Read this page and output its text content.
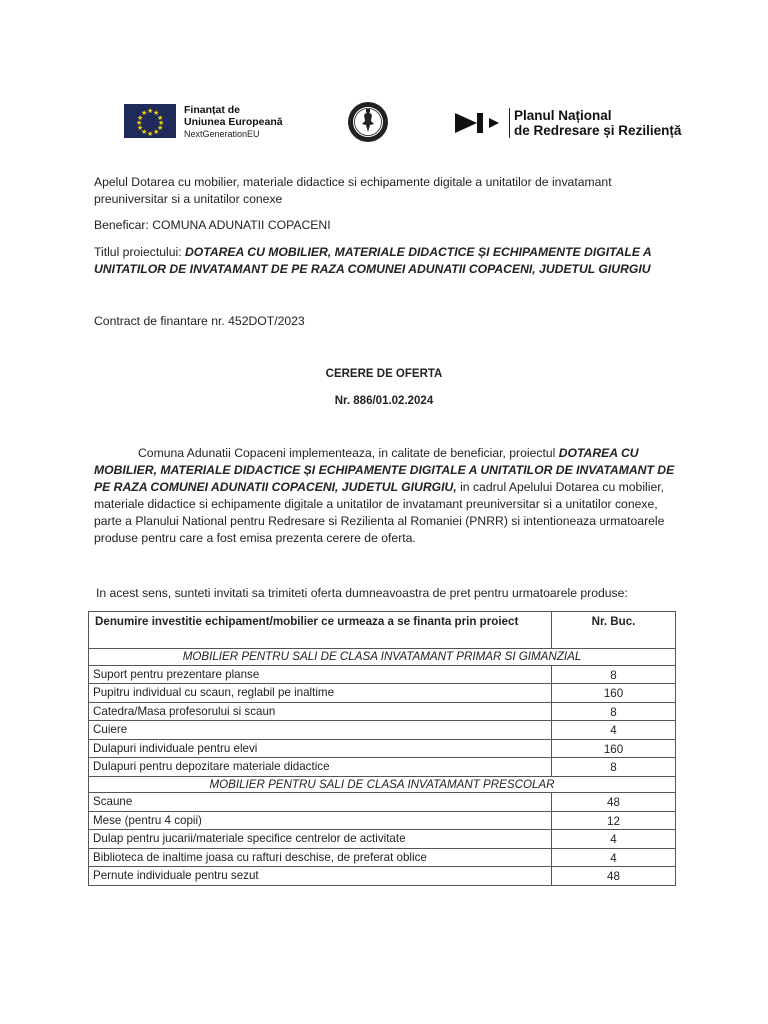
★ ★
★
★
★
★
★
★
★
★
★
★	Finanțat de
Uniunea Europeană
NextGenerationEU
Planul Național
de Redresare și Reziliență
Apelul Dotarea cu mobilier, materiale didactice si echipamente digitale a unitatilor de invatamant preuniversitar si a unitatilor conexe
Beneficar: COMUNA ADUNATII COPACENI
Titlul proiectului: DOTAREA CU MOBILIER, MATERIALE DIDACTICE ȘI ECHIPAMENTE DIGITALE A UNITATILOR DE INVATAMANT DE PE RAZA COMUNEI ADUNATII COPACENI, JUDETUL GIURGIU
Contract de finantare nr. 452DOT/2023
CERERE DE OFERTA
Nr. 886/01.02.2024
Comuna Adunatii Copaceni implementeaza, in calitate de beneficiar, proiectul DOTAREA CU MOBILIER, MATERIALE DIDACTICE ȘI ECHIPAMENTE DIGITALE A UNITATILOR DE INVATAMANT DE PE RAZA COMUNEI ADUNATII COPACENI, JUDETUL GIURGIU, in cadrul Apelului Dotarea cu mobilier, materiale didactice si echipamente digitale a unitatilor de invatamant preuniversitar si a unitatilor conexe, parte a Planului National pentru Redresare si Rezilienta al Romaniei (PNRR) si intentioneaza urmatoarele produse pentru care a fost emisa prezenta cerere de oferta.
In acest sens, sunteti invitati sa trimiteti oferta dumneavoastra de pret pentru urmatoarele produse:
Denumire investitie echipament/mobilier ce urmeaza a se finanta prin proiect	Nr. Buc.
MOBILIER PENTRU SALI DE CLASA INVATAMANT PRIMAR SI GIMANZIAL	
Suport pentru prezentare planse	8
Pupitru individual cu scaun, reglabil pe inaltime	160
Catedra/Masa profesorului si scaun	8
Cuiere	4
Dulapuri individuale pentru elevi	160
Dulapuri pentru depozitare materiale didactice	8
MOBILIER PENTRU SALI DE CLASA INVATAMANT PRESCOLAR	
Scaune	48
Mese (pentru 4 copii)	12
Dulap pentru jucarii/materiale specifice centrelor de activitate	4
Biblioteca de inaltime joasa cu rafturi deschise, de preferat oblice	4
Pernute individuale pentru sezut	48
